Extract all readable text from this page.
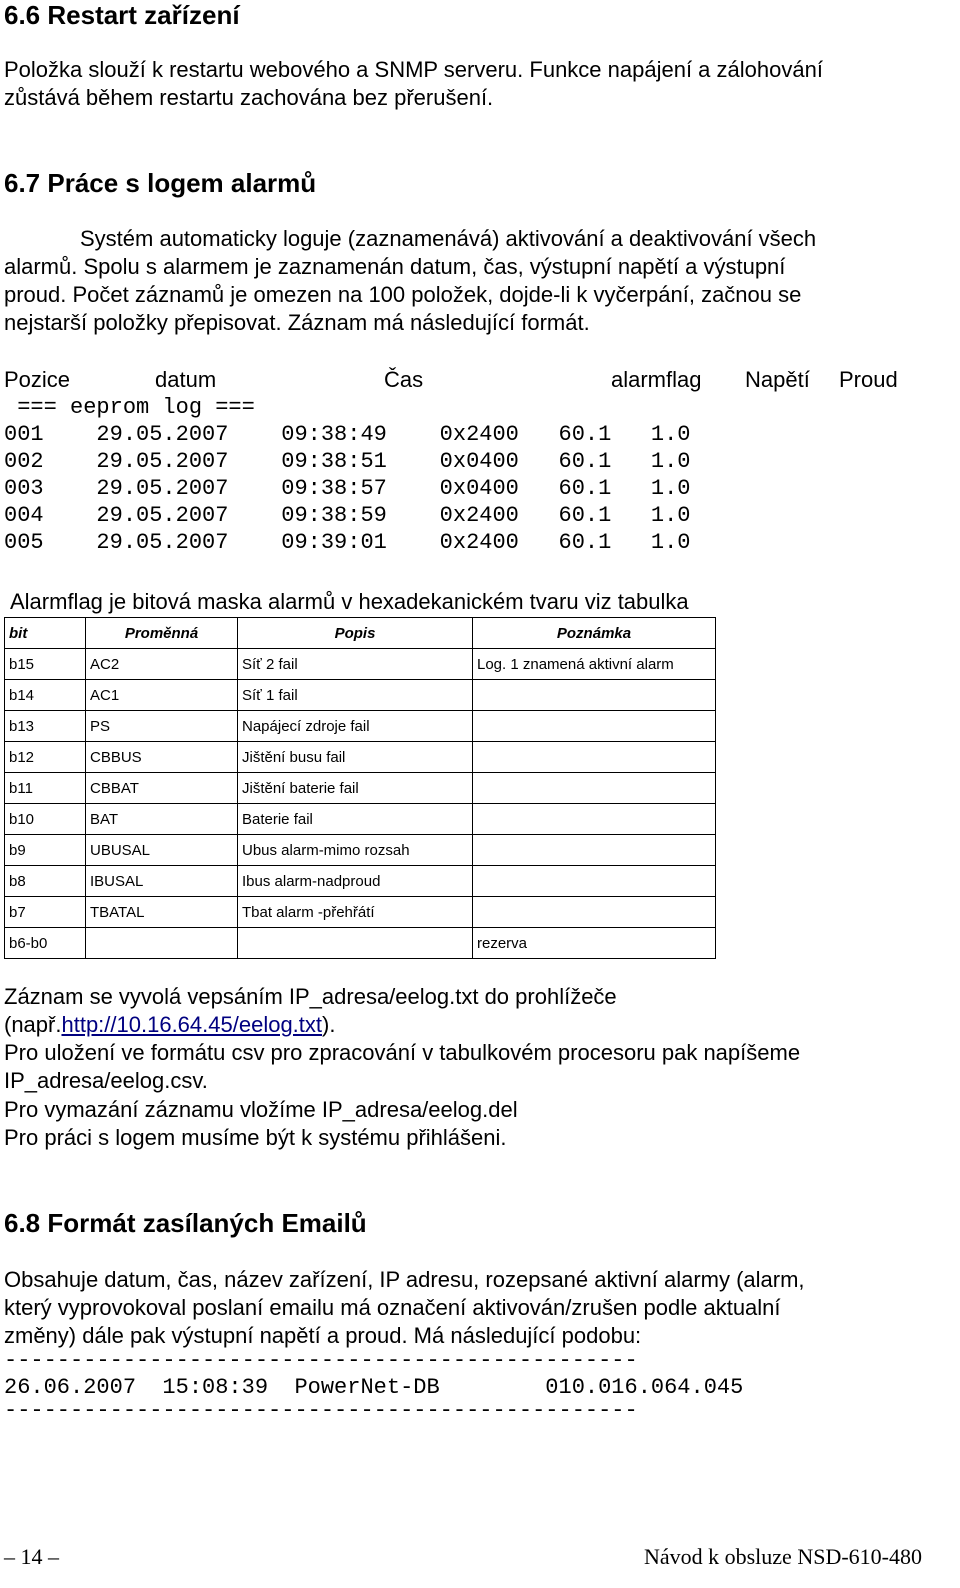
6.6 Restart zařízení
Položka slouží k restartu webového a SNMP serveru. Funkce napájení a zálohování
zůstává během restartu zachována bez přerušení.
6.7 Práce s logem alarmů
Systém automaticky loguje (zaznamenává) aktivování a deaktivování všech
alarmů. Spolu s alarmem je zaznamenán datum, čas, výstupní napětí a výstupní
proud. Počet záznamů je omezen na 100 položek, dojde-li k vyčerpání, začnou se
nejstarší položky přepisovat. Záznam má následující formát.
Pozice	datum	Čas	alarmflag Napětí Proud
=== eeprom log ===
001    29.05.2007    09:38:49    0x2400   60.1   1.0
002    29.05.2007    09:38:51    0x0400   60.1   1.0
003    29.05.2007    09:38:57    0x0400   60.1   1.0
004    29.05.2007    09:38:59    0x2400   60.1   1.0
005    29.05.2007    09:39:01    0x2400   60.1   1.0
Alarmflag je bitová maska alarmů v hexadekanickém tvaru viz tabulka
bit	Proměnná	Popis	Poznámka
b15	AC2	Síť 2 fail	Log. 1 znamená aktivní alarm
b14	AC1	Síť 1 fail	
b13	PS	Napájecí zdroje fail	
b12	CBBUS	Jištění busu fail	
b11	CBBAT	Jištění baterie fail	
b10	BAT	Baterie fail	
b9	UBUSAL	Ubus alarm-mimo rozsah	
b8	IBUSAL	Ibus alarm-nadproud	
b7	TBATAL	Tbat alarm -přehřátí	
b6-b0			rezerva
Záznam se vyvolá vepsáním IP_adresa/eelog.txt do prohlížeče
(např.http://10.16.64.45/eelog.txt).
Pro uložení ve formátu csv pro zpracování v tabulkovém procesoru pak napíšeme
IP_adresa/eelog.csv.
Pro vymazání záznamu vložíme IP_adresa/eelog.del
Pro práci s logem musíme být k systému přihlášeni.
6.8 Formát zasílaných Emailů
Obsahuje datum, čas, název zařízení, IP adresu, rozepsané aktivní alarmy (alarm,
který vyprovokoval poslaní emailu má označení aktivován/zrušen podle aktualní
změny) dále pak výstupní napětí a proud. Má následující podobu:
------------------------------------------------
26.06.2007  15:08:39  PowerNet-DB        010.016.064.045
------------------------------------------------
– 14 –	Návod k obsluze NSD-610-480
